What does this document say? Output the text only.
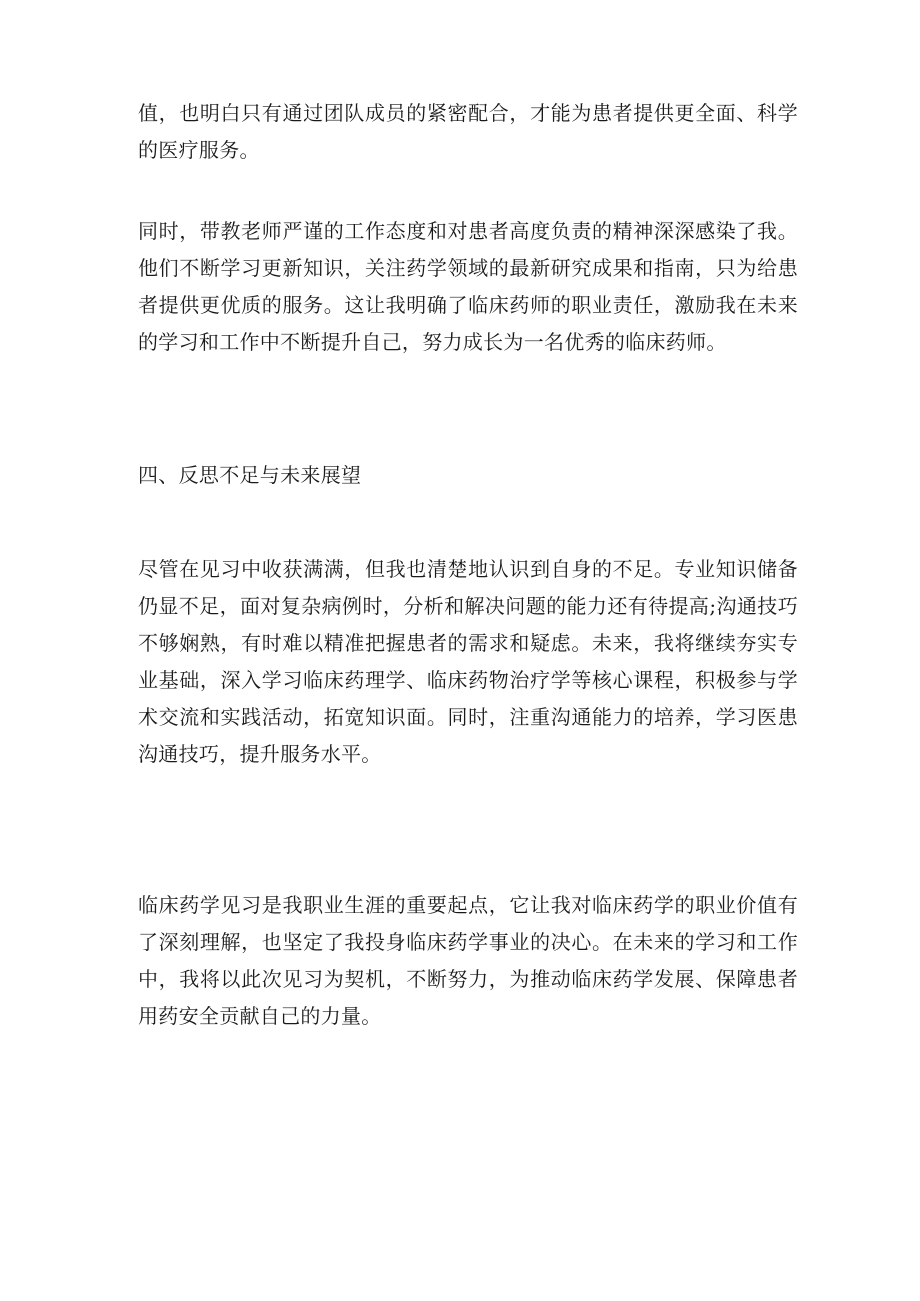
值，也明白只有通过团队成员的紧密配合，才能为患者提供更全面、科学的医疗服务。

同时，带教老师严谨的工作态度和对患者高度负责的精神深深感染了我。他们不断学习更新知识，关注药学领域的最新研究成果和指南，只为给患者提供更优质的服务。这让我明确了临床药师的职业责任，激励我在未来的学习和工作中不断提升自己，努力成长为一名优秀的临床药师。

四、反思不足与未来展望

尽管在见习中收获满满，但我也清楚地认识到自身的不足。专业知识储备仍显不足，面对复杂病例时，分析和解决问题的能力还有待提高;沟通技巧不够娴熟，有时难以精准把握患者的需求和疑虑。未来，我将继续夯实专业基础，深入学习临床药理学、临床药物治疗学等核心课程，积极参与学术交流和实践活动，拓宽知识面。同时，注重沟通能力的培养，学习医患沟通技巧，提升服务水平。

临床药学见习是我职业生涯的重要起点，它让我对临床药学的职业价值有了深刻理解，也坚定了我投身临床药学事业的决心。在未来的学习和工作中，我将以此次见习为契机，不断努力，为推动临床药学发展、保障患者用药安全贡献自己的力量。
